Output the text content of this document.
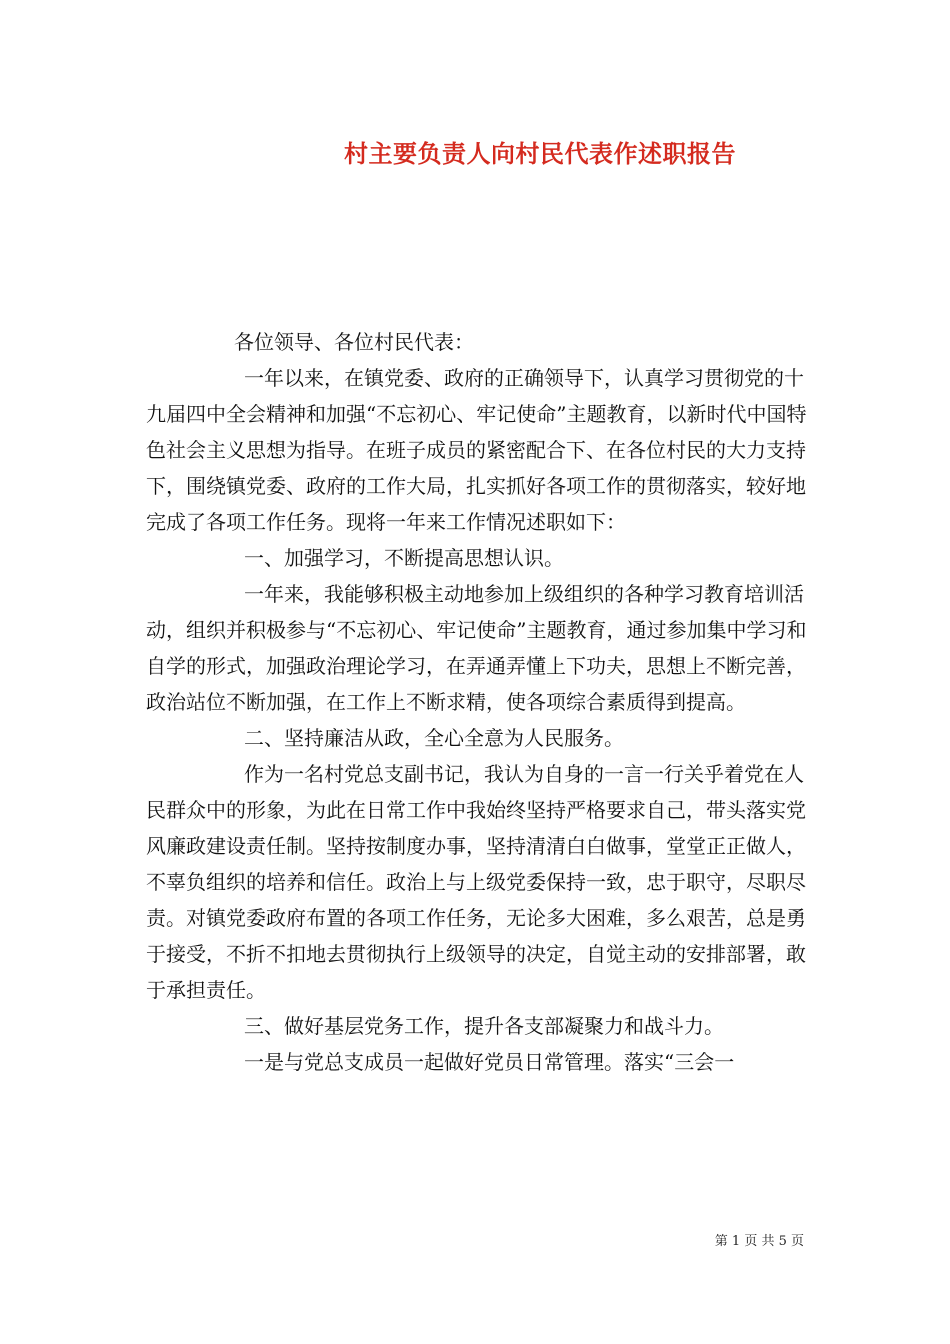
村主要负责人向村民代表作述职报告

各位领导、各位村民代表：

一年以来，在镇党委、政府的正确领导下，认真学习贯彻党的十九届四中全会精神和加强“不忘初心、牢记使命”主题教育，以新时代中国特色社会主义思想为指导。在班子成员的紧密配合下、在各位村民的大力支持下，围绕镇党委、政府的工作大局，扎实抓好各项工作的贯彻落实，较好地完成了各项工作任务。现将一年来工作情况述职如下：

一、加强学习，不断提高思想认识。

一年来，我能够积极主动地参加上级组织的各种学习教育培训活动，组织并积极参与“不忘初心、牢记使命”主题教育，通过参加集中学习和自学的形式，加强政治理论学习，在弄通弄懂上下功夫，思想上不断完善，政治站位不断加强，在工作上不断求精，使各项综合素质得到提高。

二、坚持廉洁从政，全心全意为人民服务。

作为一名村党总支副书记，我认为自身的一言一行关乎着党在人民群众中的形象，为此在日常工作中我始终坚持严格要求自己，带头落实党风廉政建设责任制。坚持按制度办事，坚持清清白白做事，堂堂正正做人，不辜负组织的培养和信任。政治上与上级党委保持一致，忠于职守，尽职尽责。对镇党委政府布置的各项工作任务，无论多大困难，多么艰苦，总是勇于接受，不折不扣地去贯彻执行上级领导的决定，自觉主动的安排部署，敢于承担责任。

三、做好基层党务工作，提升各支部凝聚力和战斗力。

一是与党总支成员一起做好党员日常管理。落实“三会一

第 1 页 共 5 页
